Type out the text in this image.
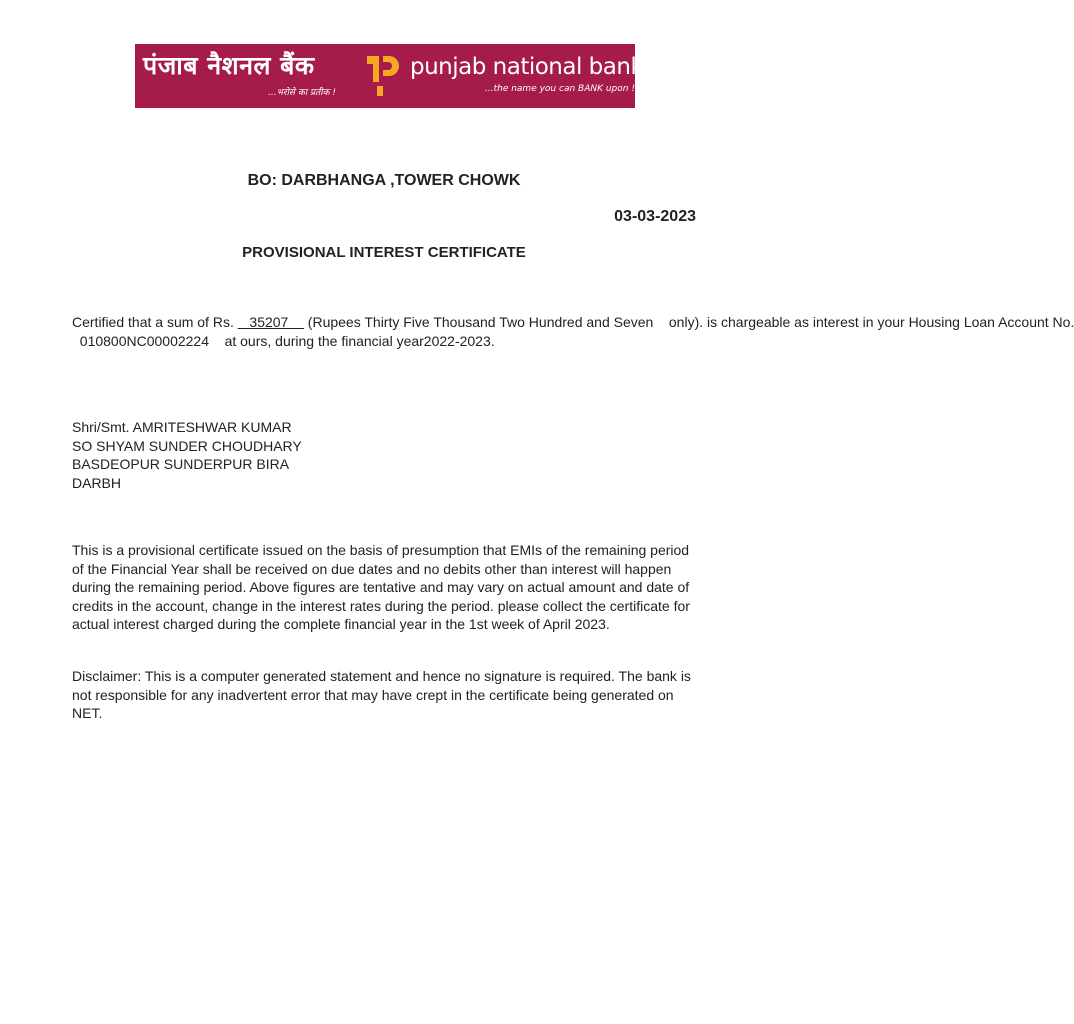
पंजाब नैशनल बैंक
...भरोसे का प्रतीक !
punjab national bank
...the name you can BANK upon !
BO: DARBHANGA ,TOWER CHOWK
03-03-2023
PROVISIONAL INTEREST CERTIFICATE
Certified that a sum of Rs.    35207     (Rupees Thirty Five Thousand Two Hundred and Seven    only). is chargeable as interest in your Housing Loan Account No.
010800NC00002224    at ours, during the financial year2022-2023.
Shri/Smt. AMRITESHWAR KUMAR
SO SHYAM SUNDER CHOUDHARY
BASDEOPUR SUNDERPUR BIRA
DARBH
This is a provisional certificate issued on the basis of presumption that EMIs of the remaining period of the Financial Year shall be received on due dates and no debits other than interest will happen during the remaining period. Above figures are tentative and may vary on actual amount and date of credits in the account, change in the interest rates during the period. please collect the certificate for actual interest charged during the complete financial year in the 1st week of April 2023.
Disclaimer: This is a computer generated statement and hence no signature is required. The bank is not responsible for any inadvertent error that may have crept in the certificate being generated on NET.
